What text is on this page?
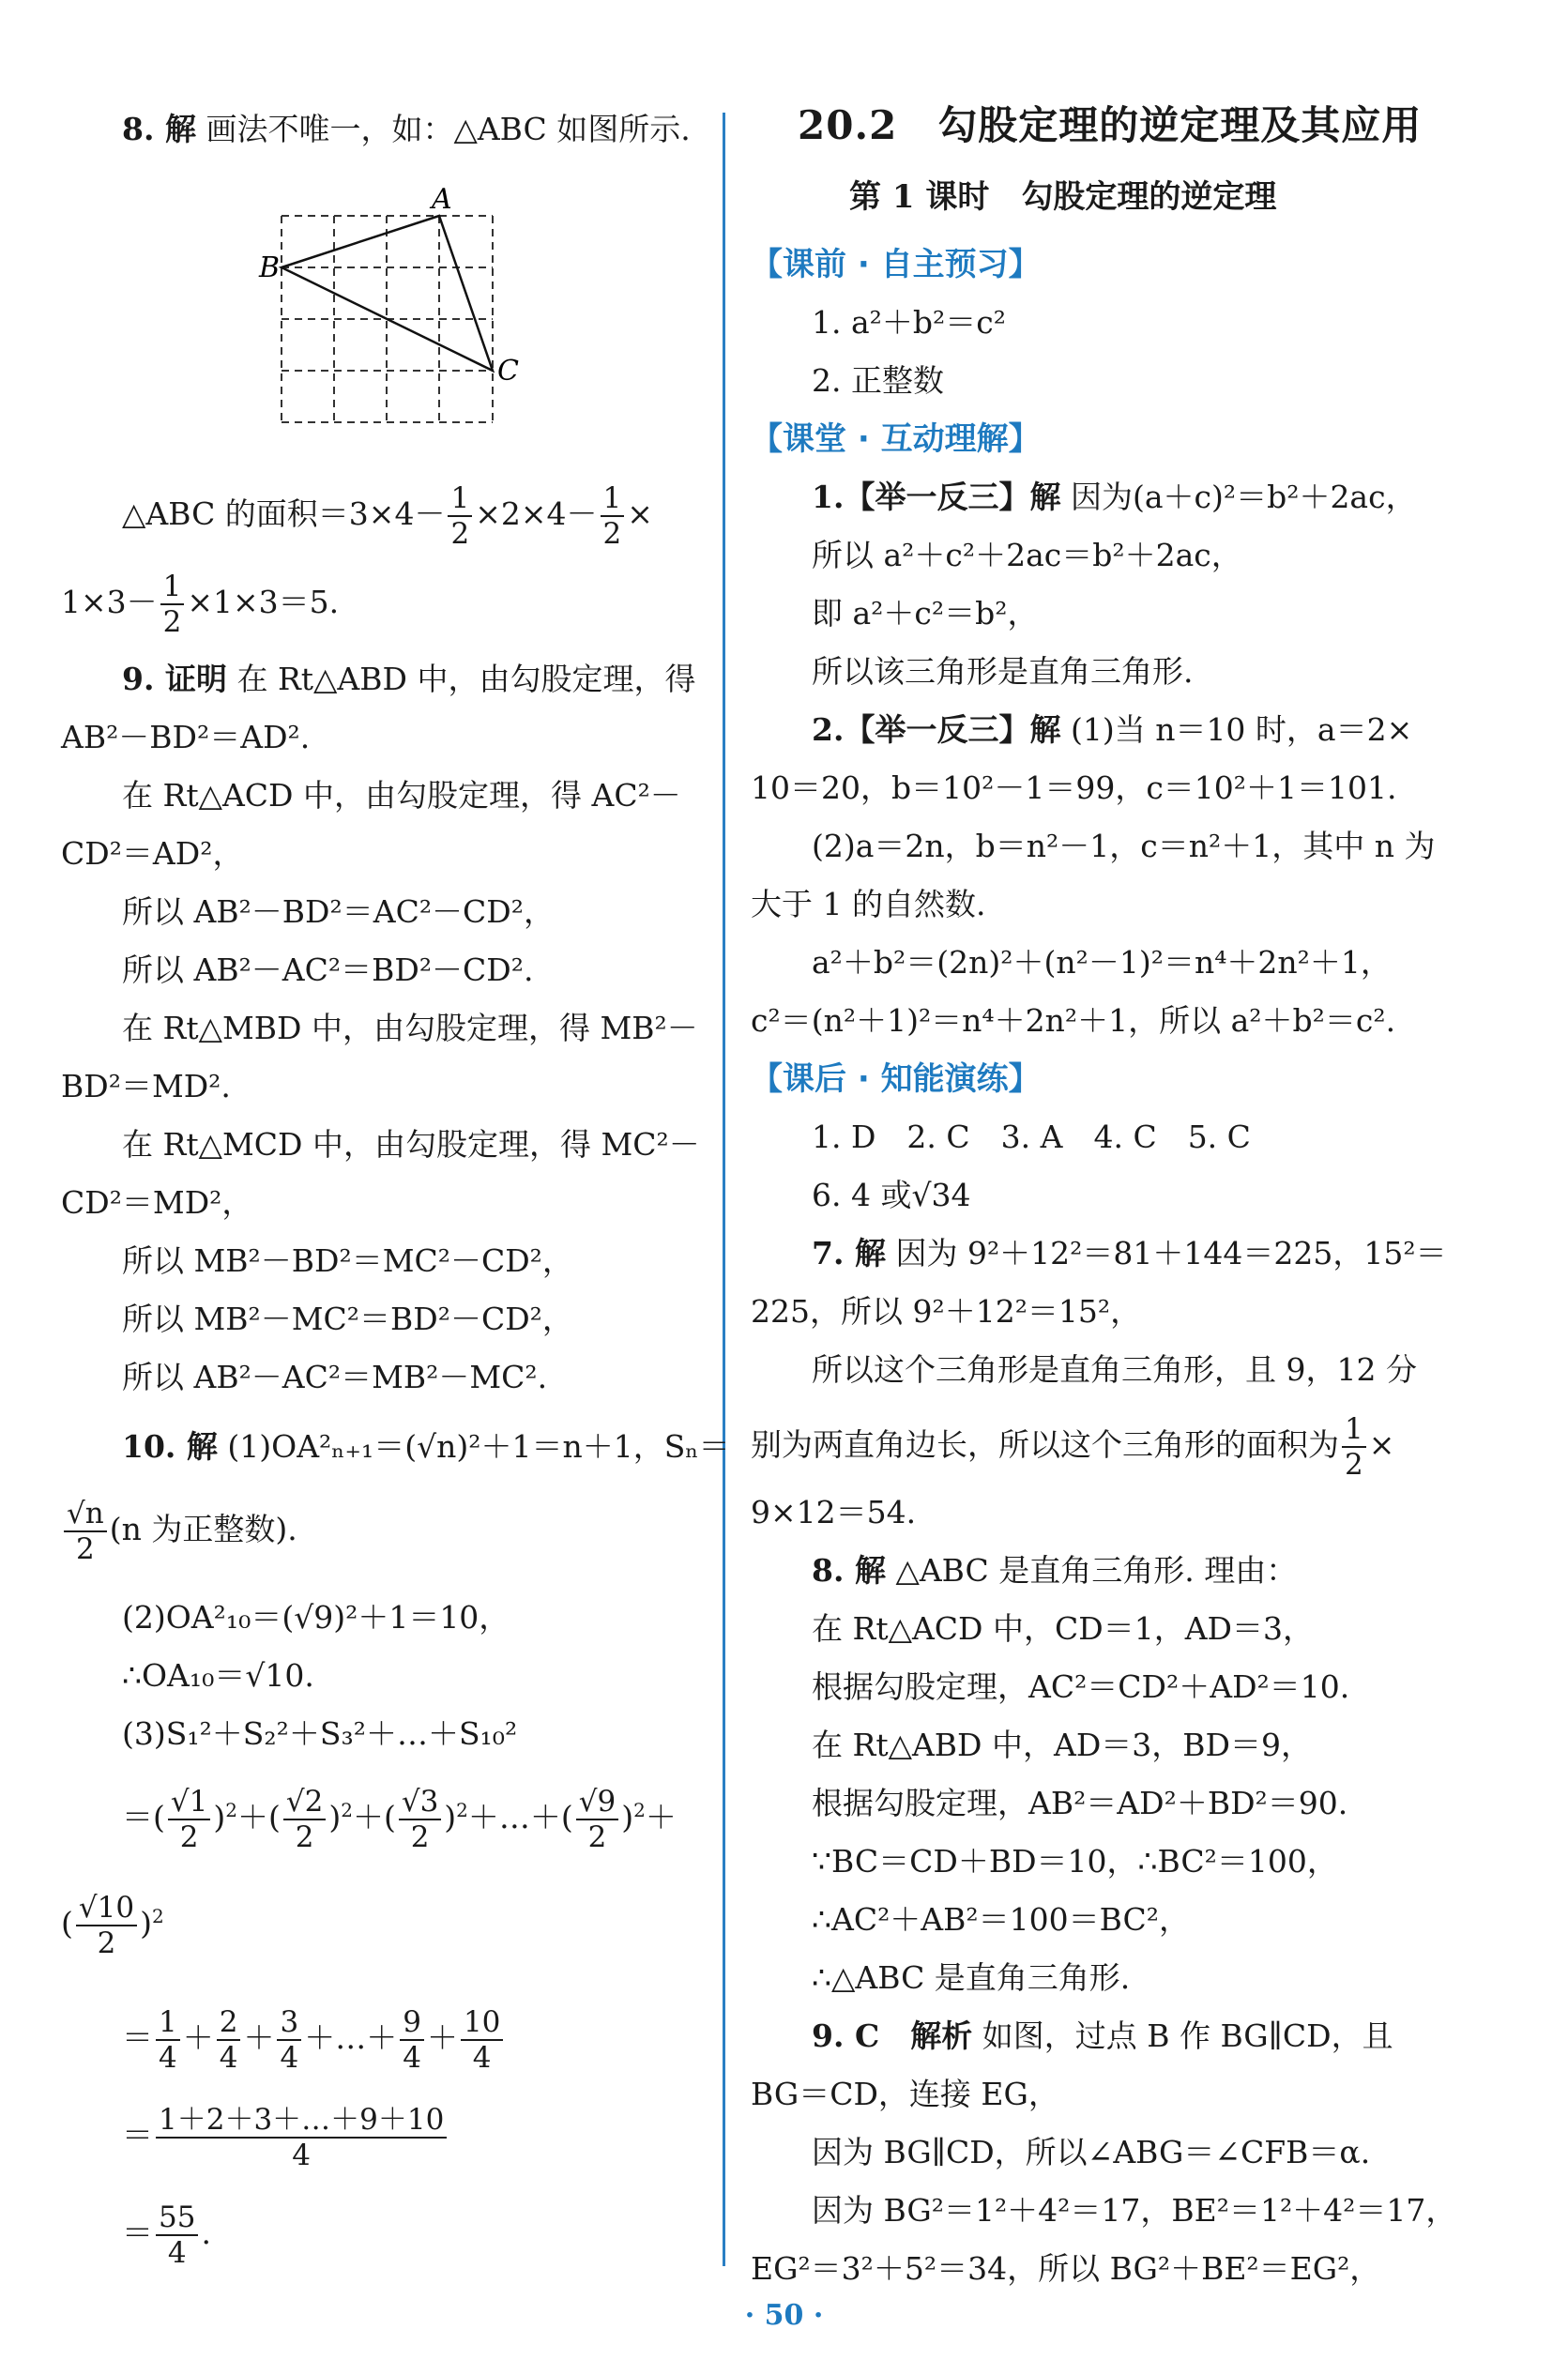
8. 解 画法不唯一，如：△ABC 如图所示.
A
B
C
△ABC 的面积$=3\times 4- \frac{1}{2} \times 2\times 4- \frac{1}{2}$ ×
$1\times 3- \frac{1}{2} \times 1\times 3=5$.
9. 证明 在 Rt△ABD 中，由勾股定理，得
AB²－BD²＝AD².
在 Rt△ACD 中，由勾股定理，得 AC²－
CD²＝AD²，
所以 AB²－BD²＝AC²－CD²，
所以 AB²－AC²＝BD²－CD².
在 Rt△MBD 中，由勾股定理，得 MB²－
BD²＝MD².
在 Rt△MCD 中，由勾股定理，得 MC²－
CD²＝MD²，
所以 MB²－BD²＝MC²－CD²，
所以 MB²－MC²＝BD²－CD²，
所以 AB²－AC²＝MB²－MC².
10. 解 (1)OA²ₙ₊₁＝(√n)²＋1＝n＋1，Sₙ＝
$\frac{√n}{2} (n$ 为正整数).
(2)OA²₁₀＝(√9)²＋1＝10，
∴OA₁₀＝√10.
(3)S₁²＋S₂²＋S₃²＋…＋S₁₀²
＝( $\frac{√1}{2} )^2+( \frac{√2}{2} )^2+( \frac{√3}{2}$ )$^2+\dots+( \frac{√9}{2} )^2+$
( $\frac{√10}{2} )^2$
＝ $\frac{1}{4} + \frac{2}{4} + \frac{3}{4}$ ＋…＋ $\frac{9}{4} + \frac{10}{4}$
＝ $\frac{1+2+3+\dots+9+10}{4}$
＝ $\frac{55}{4}$ .
20.2　勾股定理的逆定理及其应用
第 1 课时　勾股定理的逆定理
【课前 · 自主预习】
1. a²＋b²＝c²
2. 正整数
【课堂 · 互动理解】
1.【举一反三】解 因为(a＋c)²＝b²＋2ac，
所以 a²＋c²＋2ac＝b²＋2ac，
即 a²＋c²＝b²，
所以该三角形是直角三角形.
2.【举一反三】解 (1)当 n＝10 时，a＝2×
10＝20，b＝10²－1＝99，c＝10²＋1＝101.
(2)a＝2n，b＝n²－1，c＝n²＋1，其中 n 为
大于 1 的自然数.
a²＋b²＝(2n)²＋(n²－1)²＝n⁴＋2n²＋1，
c²＝(n²＋1)²＝n⁴＋2n²＋1，所以 a²＋b²＝c².
【课后 · 知能演练】
1. D　2. C　3. A　4. C　5. C
6. 4 或√34
7. 解 因为 9²＋12²＝81＋144＝225，15²＝
225，所以 9²＋12²＝15²，
所以这个三角形是直角三角形，且 9，12 分
别为两直角边长，所以这个三角形的面积为 $\frac{1}{2}$ ×
9×12＝54.
8. 解 △ABC 是直角三角形. 理由：
在 Rt△ACD 中，CD＝1，AD＝3，
根据勾股定理，AC²＝CD²＋AD²＝10.
在 Rt△ABD 中，AD＝3，BD＝9，
根据勾股定理，AB²＝AD²＋BD²＝90.
∵BC＝CD＋BD＝10，∴BC²＝100，
∴AC²＋AB²＝100＝BC²，
∴△ABC 是直角三角形.
9. C　解析 如图，过点 B 作 BG∥CD，且
BG＝CD，连接 EG，
因为 BG∥CD，所以∠ABG＝∠CFB＝α.
因为 BG²＝1²＋4²＝17，BE²＝1²＋4²＝17，
EG²＝3²＋5²＝34，所以 BG²＋BE²＝EG²，
· 50 ·
